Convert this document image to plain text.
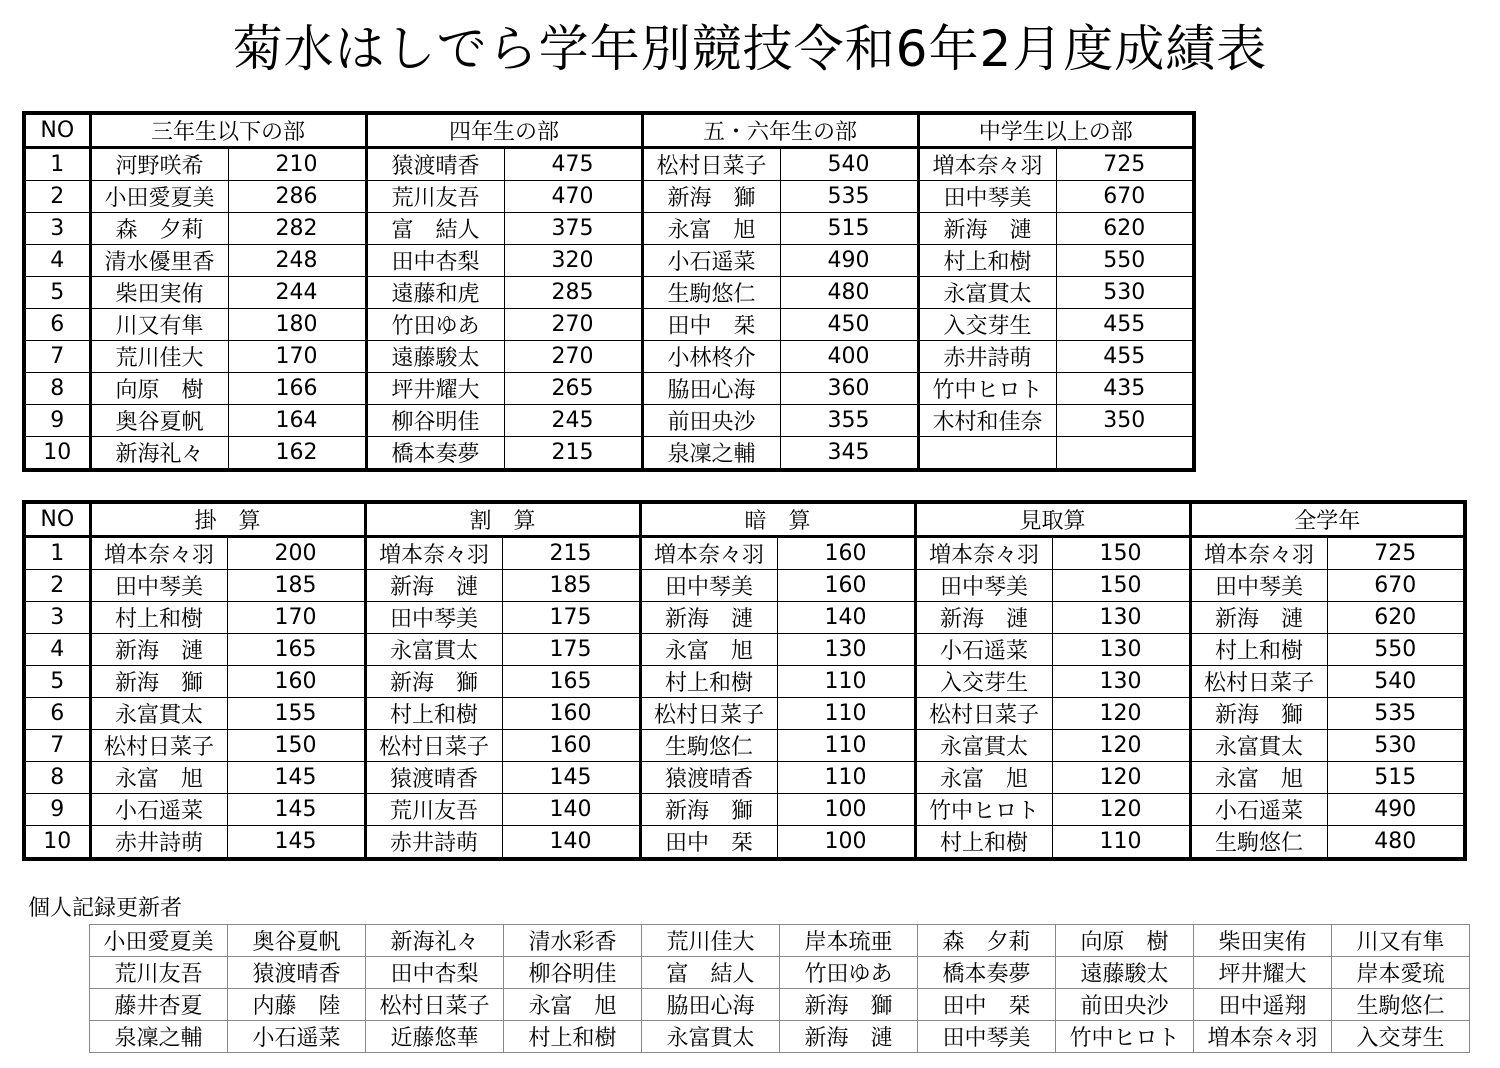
菊水はしでら学年別競技令和6年2月度成績表
NO	三年生以下の部		四年生の部		五・六年生の部		中学生以上の部	
1	河野咲希	210	猿渡晴香	475	松村日菜子	540	増本奈々羽	725
2	小田愛夏美	286	荒川友吾	470	新海　獅	535	田中琴美	670
3	森　夕莉	282	富　結人	375	永富　旭	515	新海　漣	620
4	清水優里香	248	田中杏梨	320	小石遥菜	490	村上和樹	550
5	柴田実侑	244	遠藤和虎	285	生駒悠仁	480	永富貫太	530
6	川又有隼	180	竹田ゆあ	270	田中　栞	450	入交芽生	455
7	荒川佳大	170	遠藤駿太	270	小林柊介	400	赤井詩萌	455
8	向原　樹	166	坪井耀大	265	脇田心海	360	竹中ヒロト	435
9	奥谷夏帆	164	柳谷明佳	245	前田央沙	355	木村和佳奈	350
10	新海礼々	162	橋本奏夢	215	泉凜之輔	345		
NO	掛　算		割　算		暗　算		見取算		全学年	
1	増本奈々羽	200	増本奈々羽	215	増本奈々羽	160	増本奈々羽	150	増本奈々羽	725
2	田中琴美	185	新海　漣	185	田中琴美	160	田中琴美	150	田中琴美	670
3	村上和樹	170	田中琴美	175	新海　漣	140	新海　漣	130	新海　漣	620
4	新海　漣	165	永富貫太	175	永富　旭	130	小石遥菜	130	村上和樹	550
5	新海　獅	160	新海　獅	165	村上和樹	110	入交芽生	130	松村日菜子	540
6	永富貫太	155	村上和樹	160	松村日菜子	110	松村日菜子	120	新海　獅	535
7	松村日菜子	150	松村日菜子	160	生駒悠仁	110	永富貫太	120	永富貫太	530
8	永富　旭	145	猿渡晴香	145	猿渡晴香	110	永富　旭	120	永富　旭	515
9	小石遥菜	145	荒川友吾	140	新海　獅	100	竹中ヒロト	120	小石遥菜	490
10	赤井詩萌	145	赤井詩萌	140	田中　栞	100	村上和樹	110	生駒悠仁	480
個人記録更新者
小田愛夏美	奥谷夏帆	新海礼々	清水彩香	荒川佳大	岸本琉亜	森　夕莉	向原　樹	柴田実侑	川又有隼
荒川友吾	猿渡晴香	田中杏梨	柳谷明佳	富　結人	竹田ゆあ	橋本奏夢	遠藤駿太	坪井耀大	岸本愛琉
藤井杏夏	内藤　陸	松村日菜子	永富　旭	脇田心海	新海　獅	田中　栞	前田央沙	田中遥翔	生駒悠仁
泉凜之輔	小石遥菜	近藤悠華	村上和樹	永富貫太	新海　漣	田中琴美	竹中ヒロト	増本奈々羽	入交芽生
